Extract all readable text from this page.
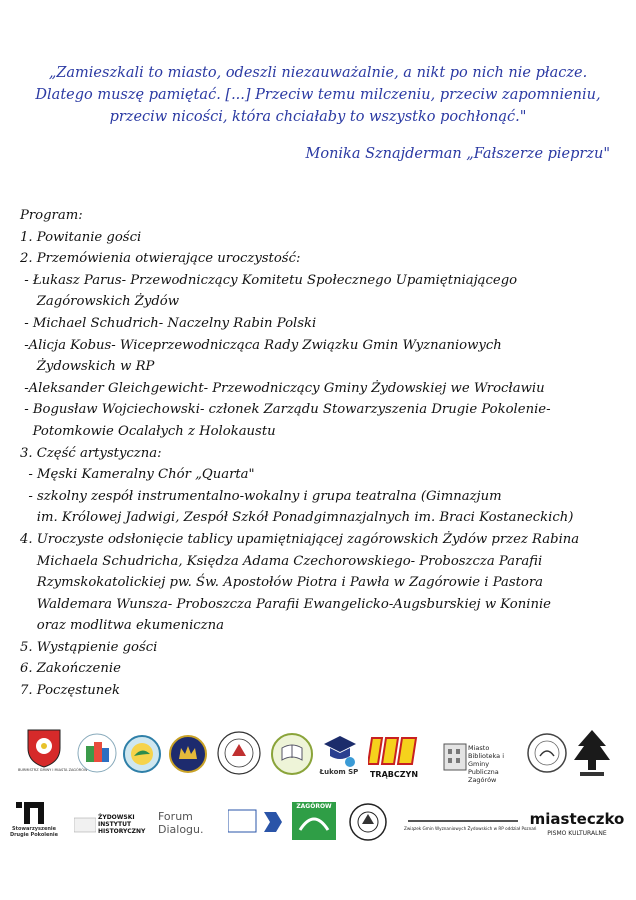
„Zamieszkali to miasto, odeszli niezauważalnie, a nikt po nich nie płacze.
Dlatego muszę pamiętać. [...] Przeciw temu milczeniu, przeciw zapomnieniu,
przeciw nicości, która chciałaby to wszystko pochłonąć."
Monika Sznajderman „Fałszerze pieprzu"
Program:
1. Powitanie gości
2. Przemówienia otwierające uroczystość:
- Łukasz Parus- Przewodniczący Komitetu Społecznego Upamiętniającego
Zagórowskich Żydów
- Michael Schudrich- Naczelny Rabin Polski
-Alicja Kobus- Wiceprzewodnicząca Rady Związku Gmin Wyznaniowych
Żydowskich w RP
-Aleksander Gleichgewicht- Przewodniczący Gminy Żydowskiej we Wrocławiu
- Bogusław Wojciechowski- członek Zarządu Stowarzyszenia Drugie Pokolenie-
Potomkowie Ocalałych z Holokaustu
3. Część artystyczna:
- Męski Kameralny Chór „Quarta"
- szkolny zespół instrumentalno-wokalny i grupa teatralna (Gimnazjum
im. Królowej Jadwigi, Zespół Szkół Ponadgimnazjalnych im. Braci Kostaneckich)
4. Uroczyste odsłonięcie tablicy upamiętniającej zagórowskich Żydów przez Rabina
Michaela Schudricha, Księdza Adama Czechorowskiego- Proboszcza Parafii
Rzymskokatolickiej pw. Św. Apostołów Piotra i Pawła w Zagórowie i Pastora
Waldemara Wunsza- Proboszcza Parafii Ewangelicko-Augsburskiej w Koninie
oraz modlitwa ekumeniczna
5. Wystąpienie gości
6. Zakończenie
7. Poczęstunek
BURMISTRZ GMINY I MIASTA ZAGÓRÓW	Łukom SP	TRĄBCZYN
Miasto Biblioteka i Gminy Publiczna Zagórów
Stowarzyszenie Drugie Pokolenie
ŻYDOWSKI INSTYTUT HISTORYCZNY
Forum Dialogu.
ZAGÓROW
Związek Gmin Wyznaniowych Żydowskich w RP oddział Poznań
miasteczko
PISMO KULTURALNE
